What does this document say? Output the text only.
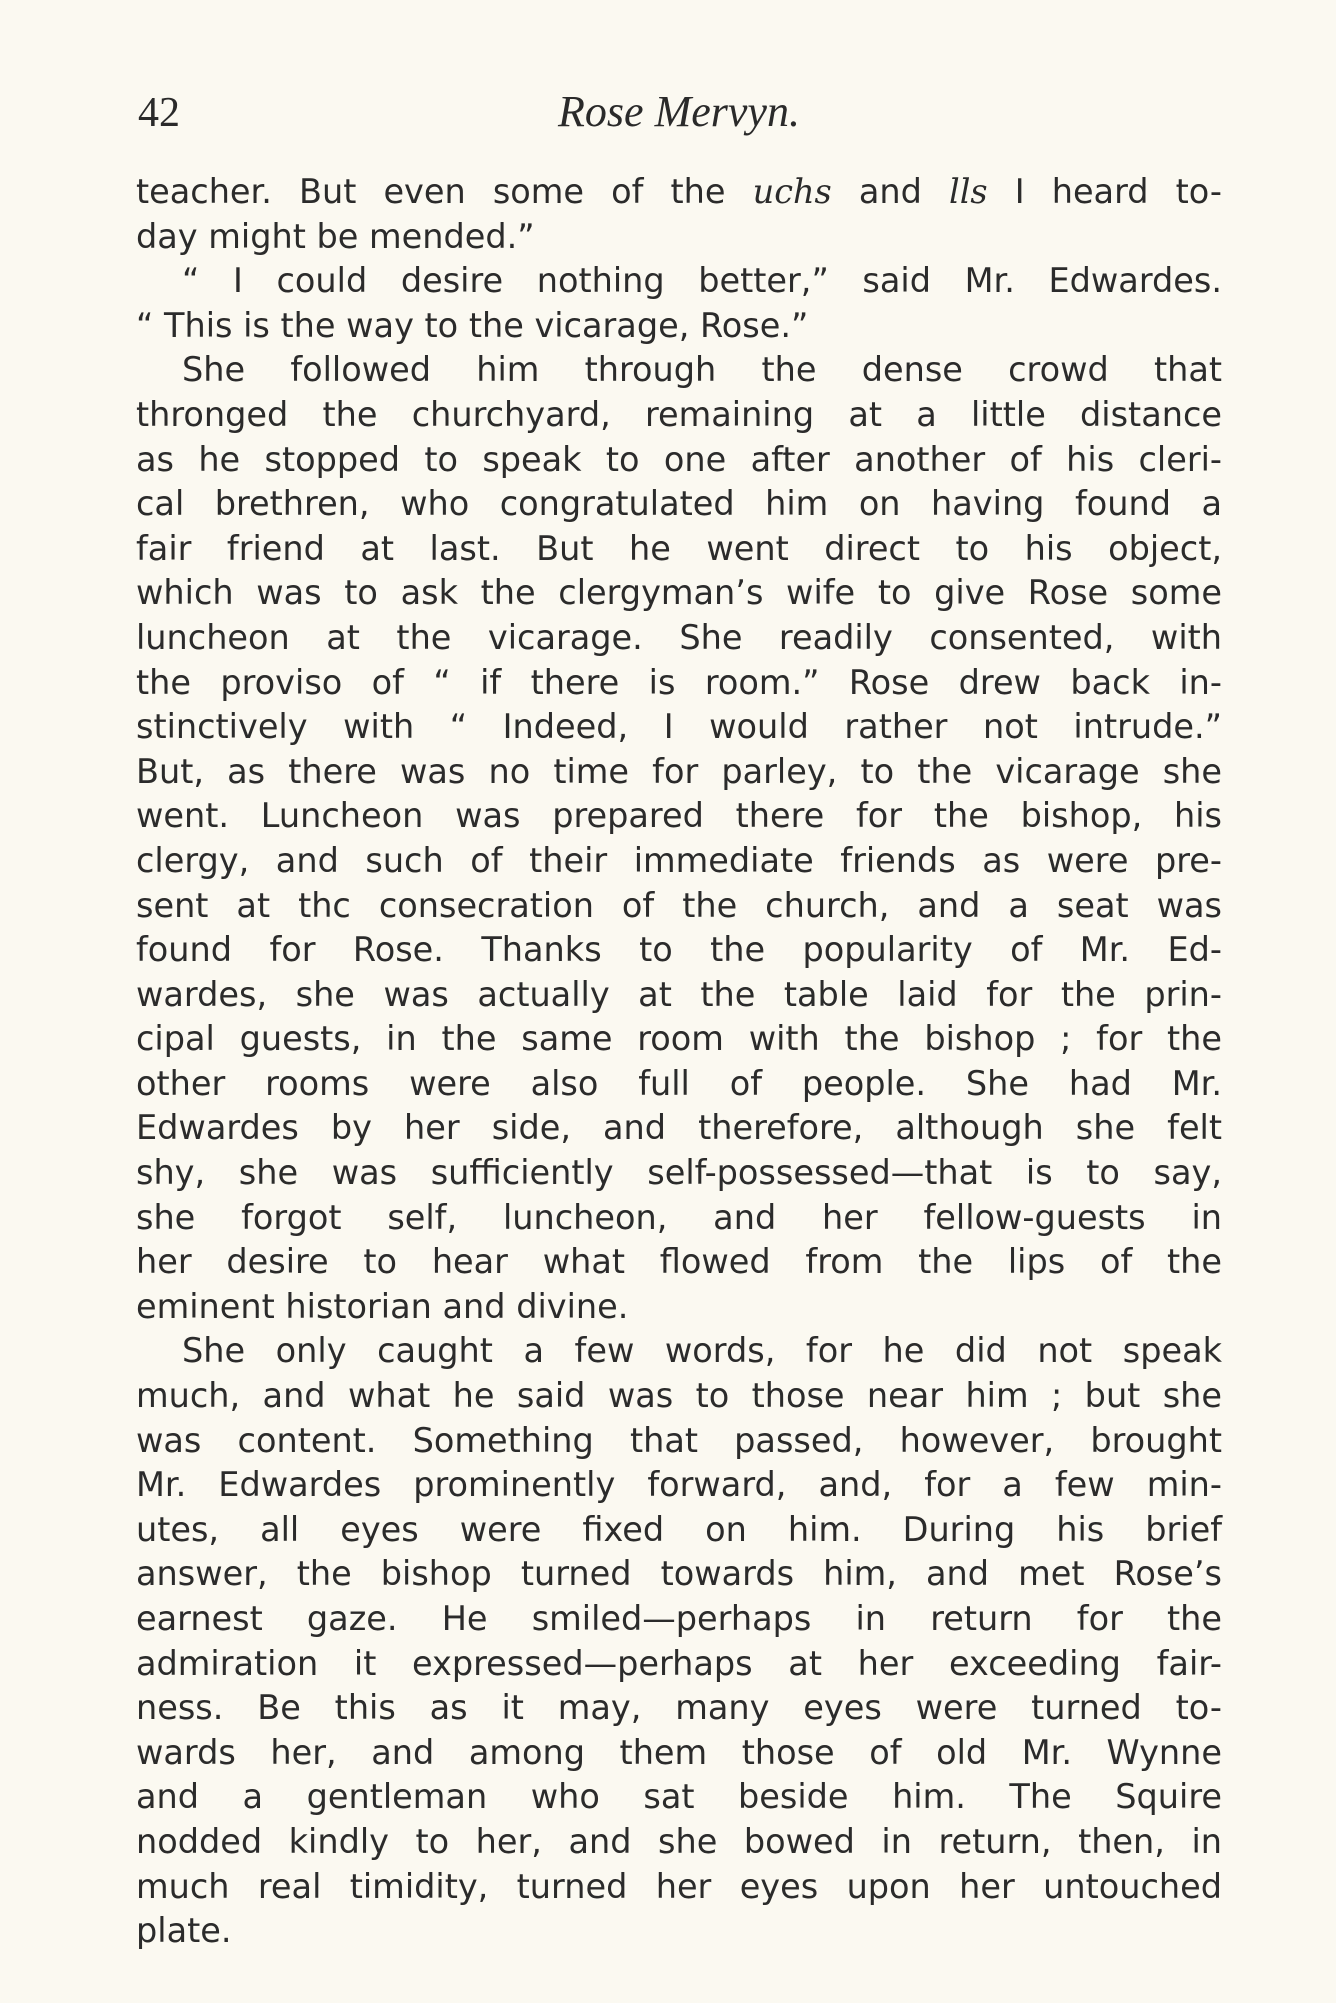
42	Rose Mervyn.
teacher. But even some of the uchs and lls I heard to-
day might be mended.”
“ I could desire nothing better,” said Mr. Edwardes.
“ This is the way to the vicarage, Rose.”
She followed him through the dense crowd that
thronged the churchyard, remaining at a little distance
as he stopped to speak to one after another of his cleri-
cal brethren, who congratulated him on having found a
fair friend at last. But he went direct to his object,
which was to ask the clergyman’s wife to give Rose some
luncheon at the vicarage. She readily consented, with
the proviso of “ if there is room.” Rose drew back in-
stinctively with “ Indeed, I would rather not intrude.”
But, as there was no time for parley, to the vicarage she
went. Luncheon was prepared there for the bishop, his
clergy, and such of their immediate friends as were pre-
sent at thc consecration of the church, and a seat was
found for Rose. Thanks to the popularity of Mr. Ed-
wardes, she was actually at the table laid for the prin-
cipal guests, in the same room with the bishop ; for the
other rooms were also full of people. She had Mr.
Edwardes by her side, and therefore, although she felt
shy, she was sufficiently self-possessed—that is to say,
she forgot self, luncheon, and her fellow-guests in
her desire to hear what flowed from the lips of the
eminent historian and divine.
She only caught a few words, for he did not speak
much, and what he said was to those near him ; but she
was content. Something that passed, however, brought
Mr. Edwardes prominently forward, and, for a few min-
utes, all eyes were fixed on him. During his brief
answer, the bishop turned towards him, and met Rose’s
earnest gaze. He smiled—perhaps in return for the
admiration it expressed—perhaps at her exceeding fair-
ness. Be this as it may, many eyes were turned to-
wards her, and among them those of old Mr. Wynne
and a gentleman who sat beside him. The Squire
nodded kindly to her, and she bowed in return, then, in
much real timidity, turned her eyes upon her untouched
plate.
